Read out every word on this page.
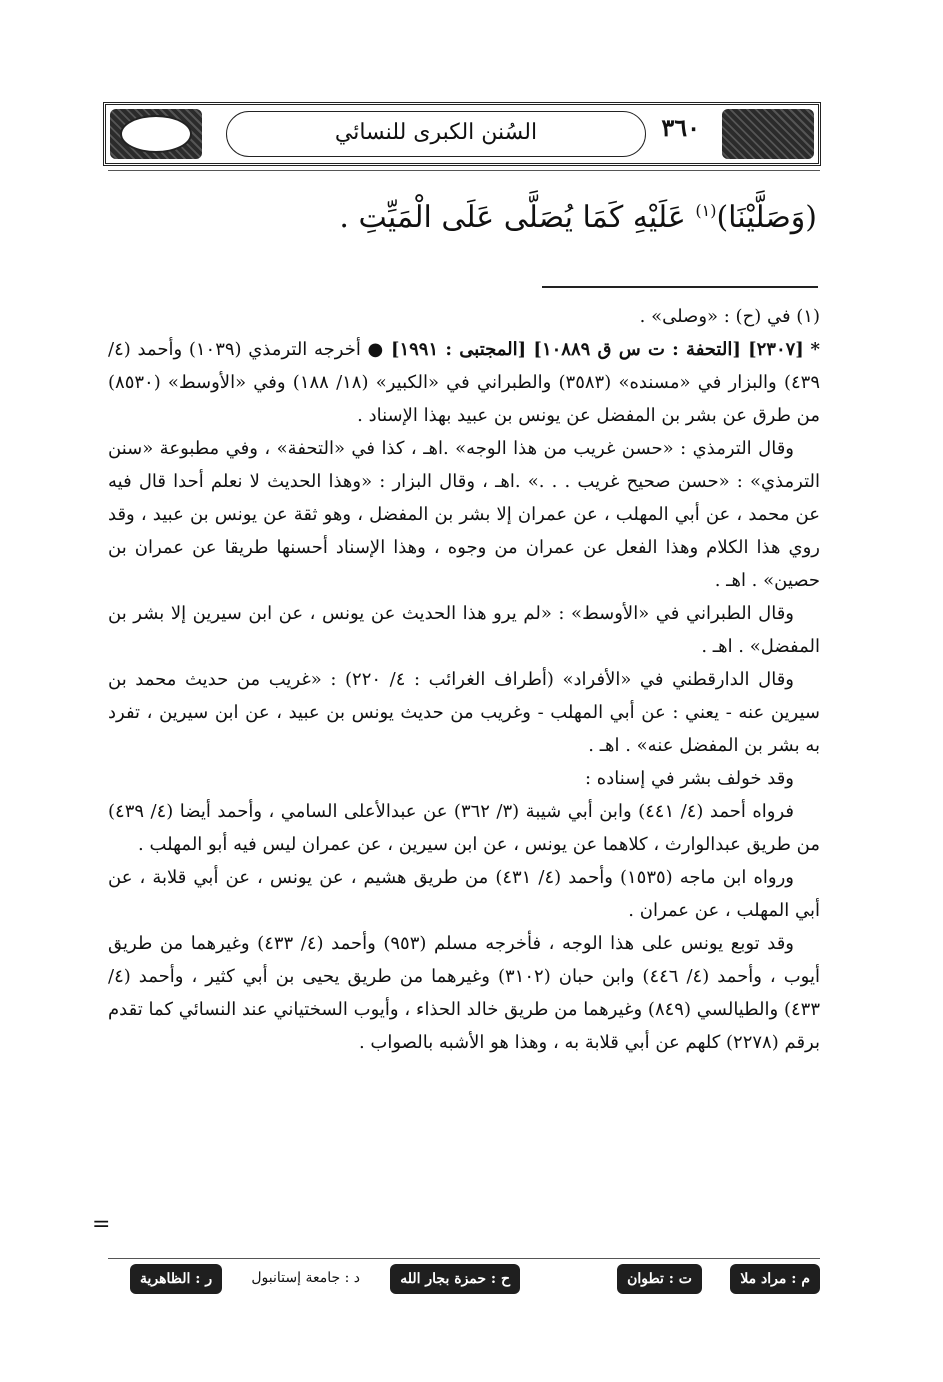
السُنن الكبرى للنسائي	٣٦٠
(وَصَلَّيْنَا)$^{(١)}$ عَلَيْهِ كَمَا يُصَلَّى عَلَى الْمَيِّتِ .

(١) في (ح) : «وصلى» .

* [٢٣٠٧] [التحفة : ت س ق ١٠٨٨٩] [المجتبى : ١٩٩١] ● أخرجه الترمذي (١٠٣٩) وأحمد (٤/ ٤٣٩) والبزار في «مسنده» (٣٥٨٣) والطبراني في «الكبير» (١٨/ ١٨٨) وفي «الأوسط» (٨٥٣٠) من طرق عن بشر بن المفضل عن يونس بن عبيد بهذا الإسناد .

وقال الترمذي : «حسن غريب من هذا الوجه» .اهـ ، كذا في «التحفة» ، وفي مطبوعة «سنن الترمذي» : «حسن صحيح غريب . . .» .اهـ ، وقال البزار : «وهذا الحديث لا نعلم أحدا قال فيه عن محمد ، عن أبي المهلب ، عن عمران إلا بشر بن المفضل ، وهو ثقة عن يونس بن عبيد ، وقد روي هذا الكلام وهذا الفعل عن عمران من وجوه ، وهذا الإسناد أحسنها طريقا عن عمران بن حصين» . اهـ .

وقال الطبراني في «الأوسط» : «لم يرو هذا الحديث عن يونس ، عن ابن سيرين إلا بشر بن المفضل» . اهـ .

وقال الدارقطني في «الأفراد» (أطراف الغرائب : ٤/ ٢٢٠) : «غريب من حديث محمد بن سيرين عنه - يعني : عن أبي المهلب - وغريب من حديث يونس بن عبيد ، عن ابن سيرين ، تفرد به بشر بن المفضل عنه» . اهـ .

وقد خولف بشر في إسناده :

فرواه أحمد (٤/ ٤٤١) وابن أبي شيبة (٣/ ٣٦٢) عن عبدالأعلى السامي ، وأحمد أيضا (٤/ ٤٣٩) من طريق عبدالوارث ، كلاهما عن يونس ، عن ابن سيرين ، عن عمران ليس فيه أبو المهلب .

ورواه ابن ماجه (١٥٣٥) وأحمد (٤/ ٤٣١) من طريق هشيم ، عن يونس ، عن أبي قلابة ، عن أبي المهلب ، عن عمران .

وقد توبع يونس على هذا الوجه ، فأخرجه مسلم (٩٥٣) وأحمد (٤/ ٤٣٣) وغيرهما من طريق أيوب ، وأحمد (٤/ ٤٤٦) وابن حبان (٣١٠٢) وغيرهما من طريق يحيى بن أبي كثير ، وأحمد (٤/ ٤٣٣) والطيالسي (٨٤٩) وغيرهما من طريق خالد الحذاء ، وأيوب السختياني عند النسائي كما تقدم برقم (٢٢٧٨) كلهم عن أبي قلابة به ، وهذا هو الأشبه بالصواب .

=
م : مراد ملا
ت : تطوان
ح : حمزة بجار الله
د : جامعة إستانبول
ر : الظاهرية
